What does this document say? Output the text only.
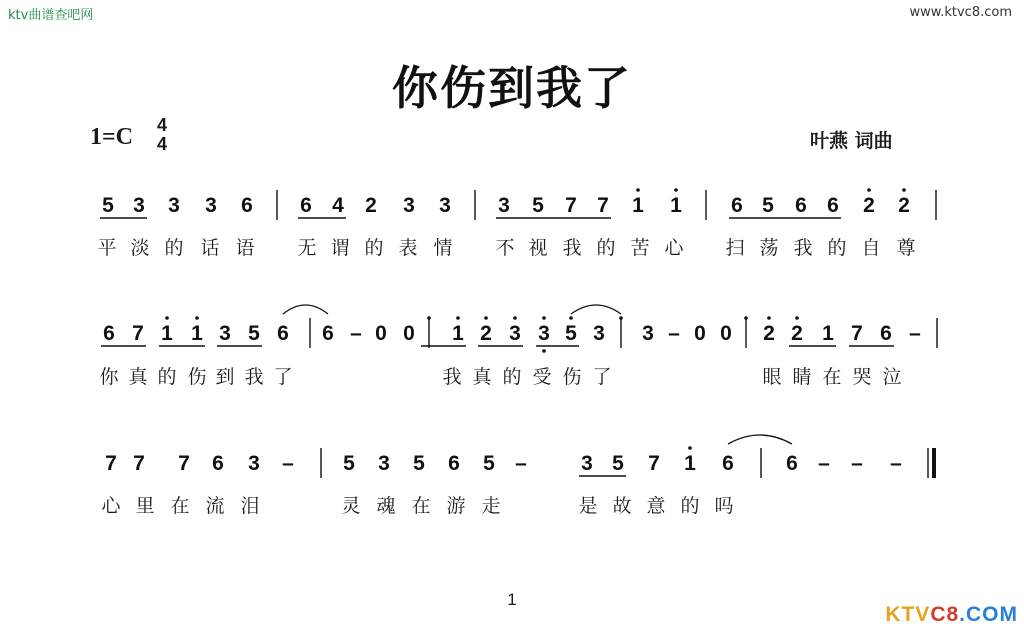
ktv曲谱查吧网	www.ktvc8.com
你伤到我了
1=C 4
4	叶燕 词曲
5 3 3 3 6 6 4 2 3 3 3 5 7 7 1 1 6 5 6 6 2 2
平 淡 的 话 语 无 谓 的 表 情 不 视 我 的 苦 心 扫 荡 我 的 自 尊
6 7 1 1 3 5 6 6 – 0 0 1 2 3 3 5 3 3 – 0 0 2 2 1 7 6 –
你 真 的 伤 到 我 了	我 真 的 受 伤 了	眼 睛 在 哭 泣
7 7 7 6 3 – 5 3 5 6 5 –	3 5 7 1 6 6 – – –
心 里 在 流 泪	灵 魂 在 游 走	是 故 意 的 吗
1
KTVC8.COM
